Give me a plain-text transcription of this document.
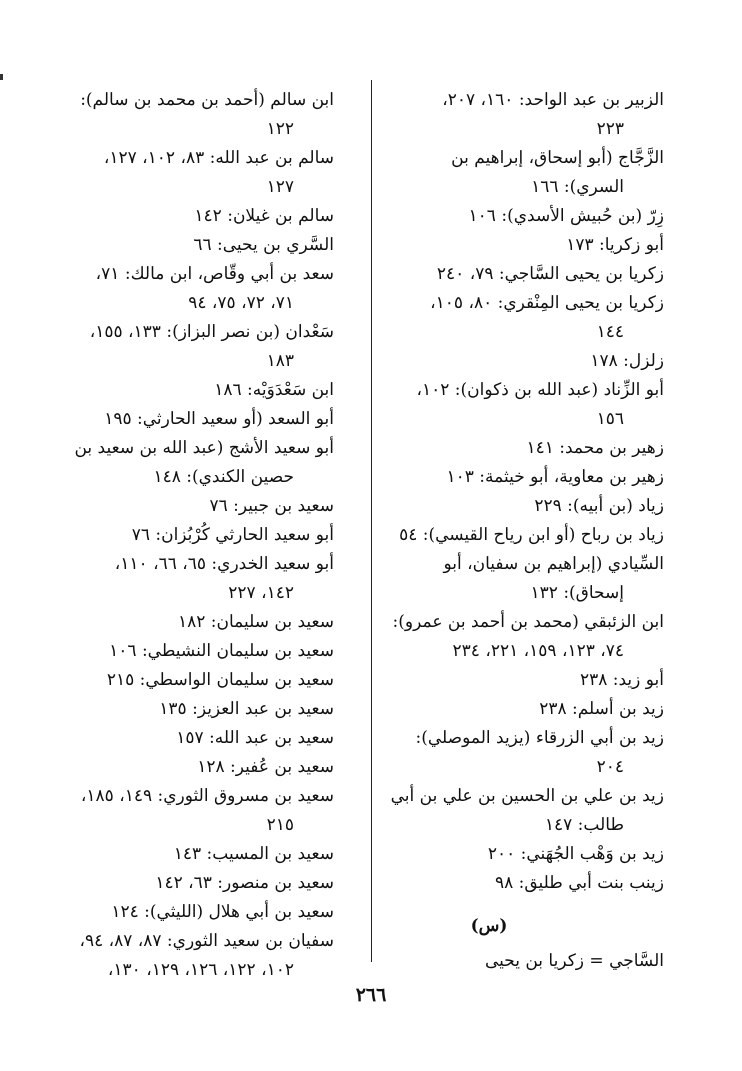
الزبير بن عبد الواحد: ١٦٠، ٢٠٧،
٢٢٣
الزَّجَّاج (أبو إسحاق، إبراهيم بن
السري): ١٦٦
زِرّ (بن حُبيش الأسدي): ١٠٦
أبو زكريا: ١٧٣
زكريا بن يحيى السَّاجي: ٧٩، ٢٤٠
زكريا بن يحيى المِنْقري: ٨٠، ١٠٥،
١٤٤
زلزل: ١٧٨
أبو الزِّناد (عبد الله بن ذكوان): ١٠٢،
١٥٦
زهير بن محمد: ١٤١
زهير بن معاوية، أبو خيثمة: ١٠٣
زياد (بن أبيه): ٢٢٩
زياد بن رباح (أو ابن رياح القيسي): ٥٤
السِّيادي (إبراهيم بن سفيان، أبو
إسحاق): ١٣٢
ابن الزئبقي (محمد بن أحمد بن عمرو):
٧٤، ١٢٣، ١٥٩، ٢٢١، ٢٣٤
أبو زيد: ٢٣٨
زيد بن أسلم: ٢٣٨
زيد بن أبي الزرقاء (يزيد الموصلي):
٢٠٤
زيد بن علي بن الحسين بن علي بن أبي
طالب: ١٤٧
زيد بن وَهْب الجُهَني: ٢٠٠
زينب بنت أبي طليق: ٩٨
(س)
السَّاجي = زكريا بن يحيى
ابن سالم (أحمد بن محمد بن سالم):
١٢٢
سالم بن عبد الله: ٨٣، ١٠٢، ١٢٧،
١٢٧
سالم بن غيلان: ١٤٢
السَّري بن يحيى: ٦٦
سعد بن أبي وقّاص، ابن مالك: ٧١،
٧١، ٧٢، ٧٥، ٩٤
سَعْدان (بن نصر البزاز): ١٣٣، ١٥٥،
١٨٣
ابن سَعْدَوَيْه: ١٨٦
أبو السعد (أو سعيد الحارثي: ١٩٥
أبو سعيد الأشج (عبد الله بن سعيد بن
حصين الكندي): ١٤٨
سعيد بن جبير: ٧٦
أبو سعيد الحارثي كُرْبُزان: ٧٦
أبو سعيد الخدري: ٦٥، ٦٦، ١١٠،
١٤٢، ٢٢٧
سعيد بن سليمان: ١٨٢
سعيد بن سليمان النشيطي: ١٠٦
سعيد بن سليمان الواسطي: ٢١٥
سعيد بن عبد العزيز: ١٣٥
سعيد بن عبد الله: ١٥٧
سعيد بن عُفير: ١٢٨
سعيد بن مسروق الثوري: ١٤٩، ١٨٥،
٢١٥
سعيد بن المسيب: ١٤٣
سعيد بن منصور: ٦٣، ١٤٢
سعيد بن أبي هلال (الليثي): ١٢٤
سفيان بن سعيد الثوري: ٨٧، ٨٧، ٩٤،
١٠٢، ١٢٢، ١٢٦، ١٢٩، ١٣٠،
٢٦٦
